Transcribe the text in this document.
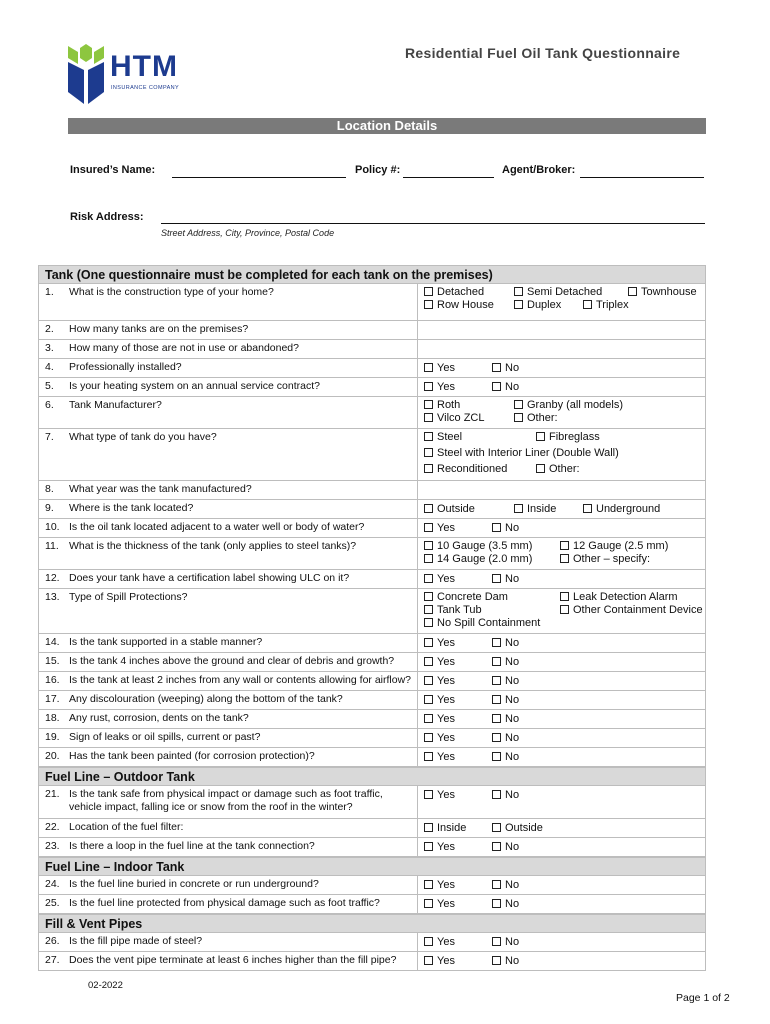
HTM
INSURANCE COMPANY
Residential Fuel Oil Tank Questionnaire
Location Details
Insured’s Name:	Policy #:	Agent/Broker:
Risk Address:
Street Address, City, Province, Postal Code
Tank (One questionnaire must be completed for each tank on the premises)
1.	What is the construction type of your home?	Detached	Semi Detached	Townhouse
Row House	Duplex	Triplex
2.	How many tanks are on the premises?
3.	How many of those are not in use or abandoned?
4.	Professionally installed?	Yes	No
5.	Is your heating system on an annual service contract?	Yes	No
6.	Tank Manufacturer?	Roth	Granby (all models)
Vilco ZCL	Other:
7.	What type of tank do you have?	Steel	Fibreglass
Steel with Interior Liner (Double Wall)
Reconditioned	Other:
8.	What year was the tank manufactured?
9.	Where is the tank located?	Outside	Inside	Underground
10. Is the oil tank located adjacent to a water well or body of water?	Yes	No
11. What is the thickness of the tank (only applies to steel tanks)?	10 Gauge (3.5 mm)	12 Gauge (2.5 mm)
14 Gauge (2.0 mm)	Other – specify:
12. Does your tank have a certification label showing ULC on it?	Yes	No
13. Type of Spill Protections?	Concrete Dam	Leak Detection Alarm
Tank Tub	Other Containment Device
No Spill Containment
14. Is the tank supported in a stable manner?	Yes	No
15. Is the tank 4 inches above the ground and clear of debris and growth?	Yes	No
16. Is the tank at least 2 inches from any wall or contents allowing for airflow?	Yes	No
17. Any discolouration (weeping) along the bottom of the tank?	Yes	No
18. Any rust, corrosion, dents on the tank?	Yes	No
19. Sign of leaks or oil spills, current or past?	Yes	No
20. Has the tank been painted (for corrosion protection)?	Yes	No
Fuel Line – Outdoor Tank
21. Is the tank safe from physical impact or damage such as foot traffic, vehicle impact, falling ice or snow from the roof in the winter?
Yes	No
22. Location of the fuel filter:	Inside	Outside
23. Is there a loop in the fuel line at the tank connection?	Yes	No
Fuel Line – Indoor Tank
24. Is the fuel line buried in concrete or run underground?	Yes	No
25. Is the fuel line protected from physical damage such as foot traffic?	Yes	No
Fill & Vent Pipes
26. Is the fill pipe made of steel?	Yes	No
27. Does the vent pipe terminate at least 6 inches higher than the fill pipe?	Yes	No
02-2022
Page 1 of 2
